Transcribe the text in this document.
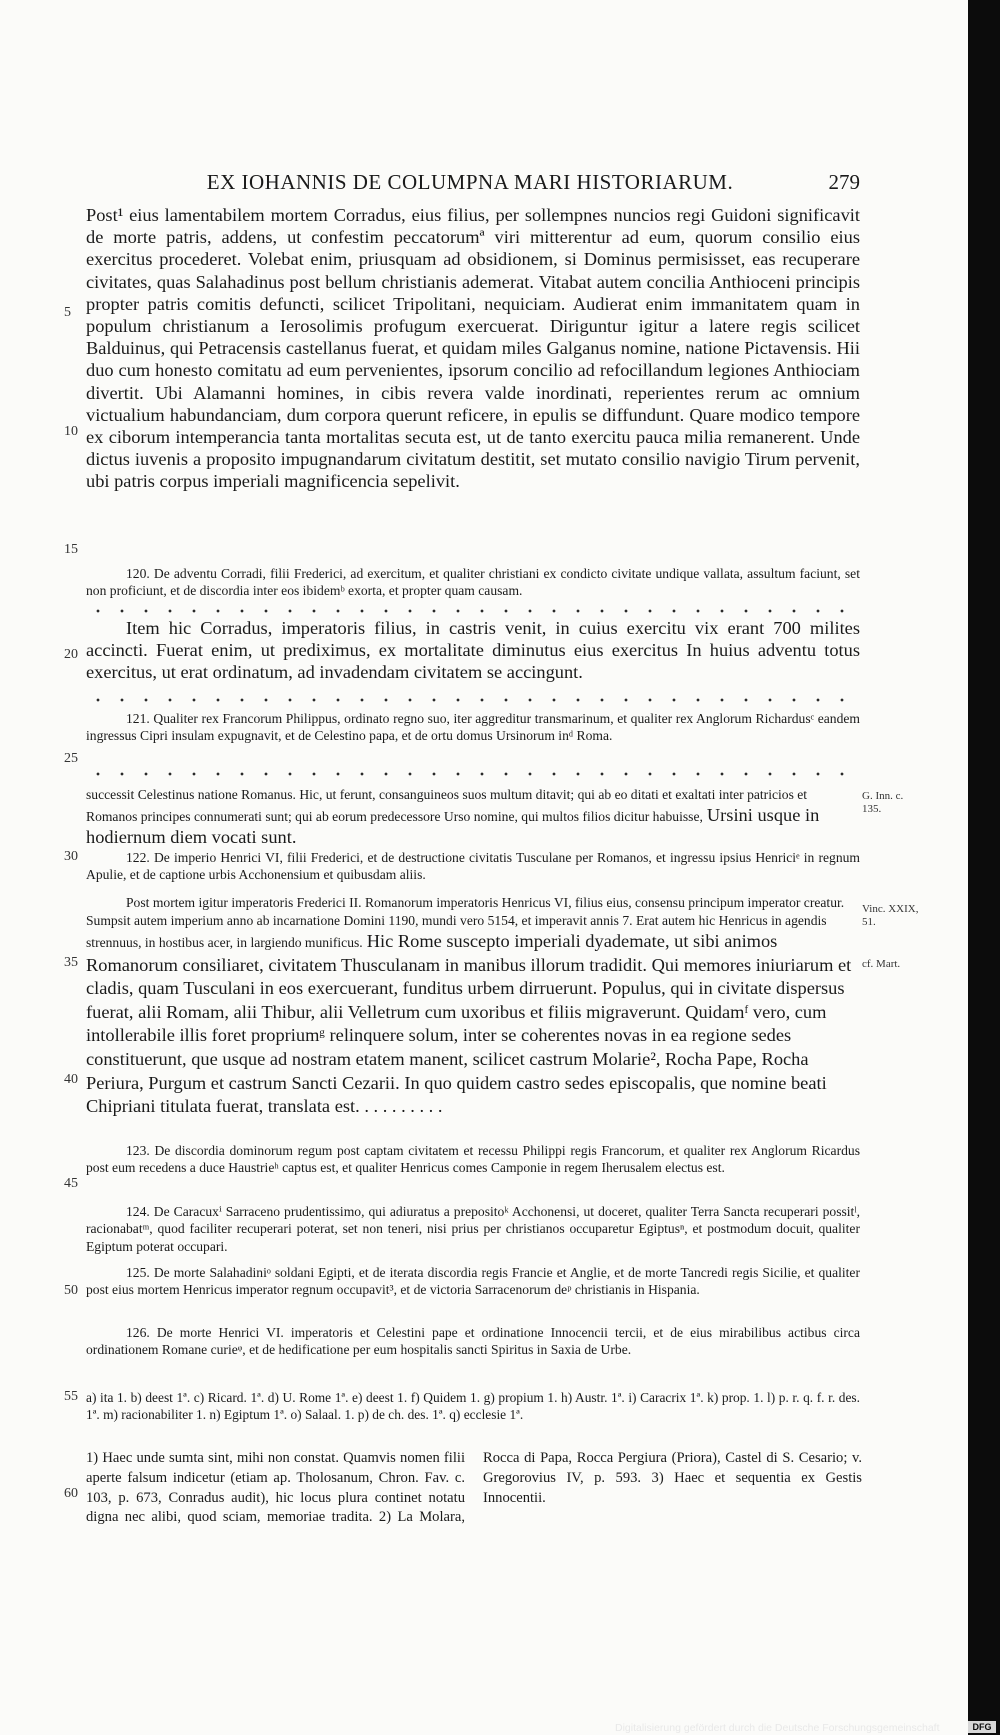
EX IOHANNIS DE COLUMPNA MARI HISTORIARUM.	279
Post¹ eius lamentabilem mortem Corradus, eius filius, per sollempnes nuncios regi Guidoni significavit de morte patris, addens, ut confestim peccatorumª viri mitterentur ad eum, quorum consilio eius exercitus procederet. Volebat enim, priusquam ad obsidionem, si Dominus permisisset, eas recuperare civitates, quas Salahadinus post bellum christianis ademerat. Vitabat autem concilia Anthioceni principis propter patris comitis defuncti, scilicet Tripolitani, nequiciam. Audierat enim immanitatem quam in populum christianum a Ierosolimis profugum exercuerat. Diriguntur igitur a latere regis scilicet Balduinus, qui Petracensis castellanus fuerat, et quidam miles Galganus nomine, natione Pictavensis. Hii duo cum honesto comitatu ad eum pervenientes, ipsorum concilio ad refocillandum legiones Anthiociam divertit. Ubi Alamanni homines, in cibis revera valde inordinati, reperientes rerum ac omnium victualium habundanciam, dum corpora querunt reficere, in epulis se diffundunt. Quare modico tempore ex ciborum intemperancia tanta mortalitas secuta est, ut de tanto exercitu pauca milia remanerent. Unde dictus iuvenis a proposito impugnandarum civitatum destitit, set mutato consilio navigio Tirum pervenit, ubi patris corpus imperiali magnificencia sepelivit.
120. De adventu Corradi, filii Frederici, ad exercitum, et qualiter christiani ex condicto civitate undique vallata, assultum faciunt, set non proficiunt, et de discordia inter eos ibidemᵇ exorta, et propter quam causam.
Item hic Corradus, imperatoris filius, in castris venit, in cuius exercitu vix erant 700 milites accincti. Fuerat enim, ut prediximus, ex mortalitate diminutus eius exercitus In huius adventu totus exercitus, ut erat ordinatum, ad invadendam civitatem se accingunt.
121. Qualiter rex Francorum Philippus, ordinato regno suo, iter aggreditur transmarinum, et qualiter rex Anglorum Richardusᶜ eandem ingressus Cipri insulam expugnavit, et de Celestino papa, et de ortu domus Ursinorum inᵈ Roma.
successit Celestinus natione Romanus. Hic, ut ferunt, consanguineos suos multum ditavit; qui ab eo ditati et exaltati inter patricios et Romanos principes connumerati sunt; qui ab eorum predecessore Urso nomine, qui multos filios dicitur habuisse, Ursini usque in hodiernum diem vocati sunt.
122. De imperio Henrici VI, filii Frederici, et de destructione civitatis Tusculane per Romanos, et ingressu ipsius Henriciᵉ in regnum Apulie, et de captione urbis Acchonensium et quibusdam aliis.
Post mortem igitur imperatoris Frederici II. Romanorum imperatoris Henricus VI, filius eius, consensu principum imperator creatur. Sumpsit autem imperium anno ab incarnatione Domini 1190, mundi vero 5154, et imperavit annis 7. Erat autem hic Henricus in agendis strennuus, in hostibus acer, in largiendo munificus. Hic Rome suscepto imperiali dyademate, ut sibi animos Romanorum consiliaret, civitatem Thusculanam in manibus illorum tradidit. Qui memores iniuriarum et cladis, quam Tusculani in eos exercuerant, funditus urbem dirruerunt. Populus, qui in civitate dispersus fuerat, alii Romam, alii Thibur, alii Velletrum cum uxoribus et filiis migraverunt. Quidamᶠ vero, cum intollerabile illis foret propriumᵍ relinquere solum, inter se coherentes novas in ea regione sedes constituerunt, que usque ad nostram etatem manent, scilicet castrum Molarie², Rocha Pape, Rocha Periura, Purgum et castrum Sancti Cezarii. In quo quidem castro sedes episcopalis, que nomine beati Chipriani titulata fuerat, translata est. . . . . . . . . .
123. De discordia dominorum regum post captam civitatem et recessu Philippi regis Francorum, et qualiter rex Anglorum Ricardus post eum recedens a duce Haustrieʰ captus est, et qualiter Henricus comes Camponie in regem Iherusalem electus est.
124. De Caracuxⁱ Sarraceno prudentissimo, qui adiuratus a prepositoᵏ Acchonensi, ut doceret, qualiter Terra Sancta recuperari possitˡ, racionabatᵐ, quod faciliter recuperari poterat, set non teneri, nisi prius per christianos occuparetur Egiptusⁿ, et postmodum docuit, qualiter Egiptum poterat occupari.
125. De morte Salahadiniᵒ soldani Egipti, et de iterata discordia regis Francie et Anglie, et de morte Tancredi regis Sicilie, et qualiter post eius mortem Henricus imperator regnum occupavit³, et de victoria Sarracenorum deᵖ christianis in Hispania.
126. De morte Henrici VI. imperatoris et Celestini pape et ordinatione Innocencii tercii, et de eius mirabilibus actibus circa ordinationem Romane curieᵠ, et de hedificatione per eum hospitalis sancti Spiritus in Saxia de Urbe.
a) ita 1. b) deest 1ª. c) Ricard. 1ª. d) U. Rome 1ª. e) deest 1. f) Quidem 1. g) propium 1. h) Austr. 1ª. i) Caracrix 1ª. k) prop. 1. l) p. r. q. f. r. des. 1ª. m) racionabiliter 1. n) Egiptum 1ª. o) Salaal. 1. p) de ch. des. 1ª. q) ecclesie 1ª.
1) Haec unde sumta sint, mihi non constat. Quamvis nomen filii aperte falsum indicetur (etiam ap. Tholosanum, Chron. Fav. c. 103, p. 673, Conradus audit), hic locus plura continet notatu digna nec alibi, quod sciam, memoriae tradita. 2) La Molara, Rocca di Papa, Rocca Pergiura (Priora), Castel di S. Cesario; v. Gregorovius IV, p. 593. 3) Haec et sequentia ex Gestis Innocentii.
5
10
15
20
25
30
35
40
45
50
55
60
G. Inn. c. 135.
Vinc. XXIX, 51.
cf. Mart.
Digitalisierung gefördert durch die Deutsche Forschungsgemeinschaft	DFG
